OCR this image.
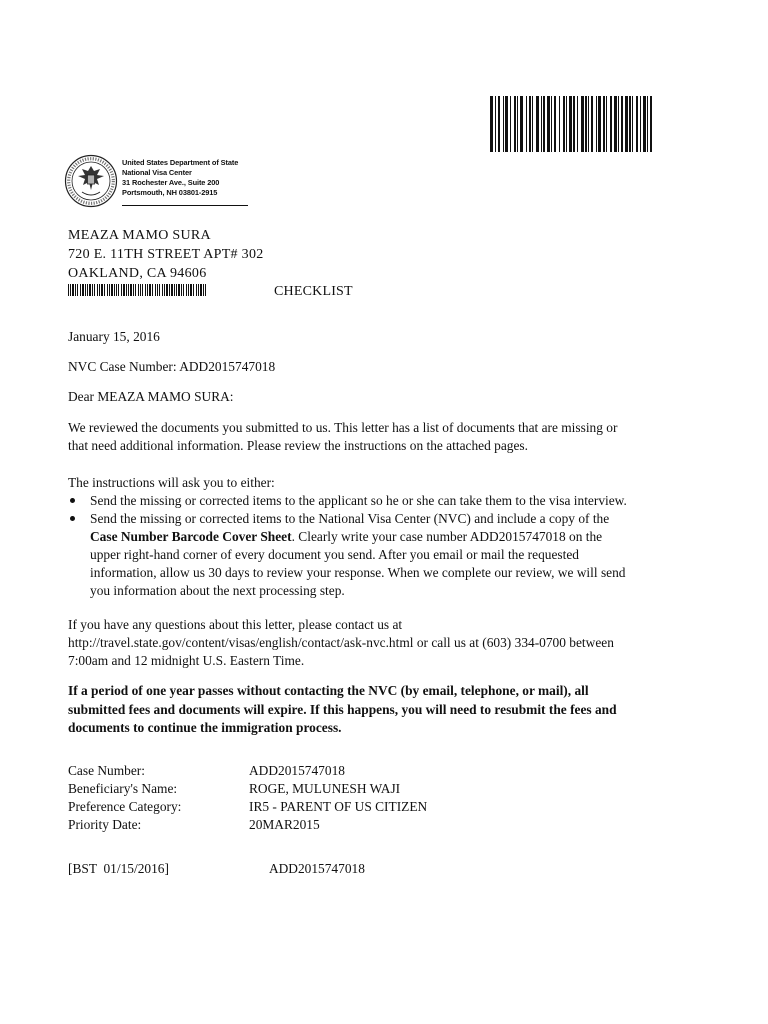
United States Department of State
National Visa Center
31 Rochester Ave., Suite 200
Portsmouth, NH 03801-2915
MEAZA MAMO SURA
720 E. 11TH STREET APT# 302
OAKLAND, CA 94606
CHECKLIST
January 15, 2016
NVC Case Number: ADD2015747018
Dear MEAZA MAMO SURA:
We reviewed the documents you submitted to us. This letter has a list of documents that are missing or
that need additional information. Please review the instructions on the attached pages.
The instructions will ask you to either:
Send the missing or corrected items to the applicant so he or she can take them to the visa interview.
Send the missing or corrected items to the National Visa Center (NVC) and include a copy of the
Case Number Barcode Cover Sheet. Clearly write your case number ADD2015747018 on the
upper right-hand corner of every document you send. After you email or mail the requested
information, allow us 30 days to review your response. When we complete our review, we will send
you information about the next processing step.
If you have any questions about this letter, please contact us at
http://travel.state.gov/content/visas/english/contact/ask-nvc.html or call us at (603) 334-0700 between
7:00am and 12 midnight U.S. Eastern Time.
If a period of one year passes without contacting the NVC (by email, telephone, or mail), all
submitted fees and documents will expire. If this happens, you will need to resubmit the fees and
documents to continue the immigration process.
Case Number:	ADD2015747018
Beneficiary's Name:	ROGE, MULUNESH WAJI
Preference Category:	IR5 - PARENT OF US CITIZEN
Priority Date:	20MAR2015
[BST  01/15/2016]	ADD2015747018
